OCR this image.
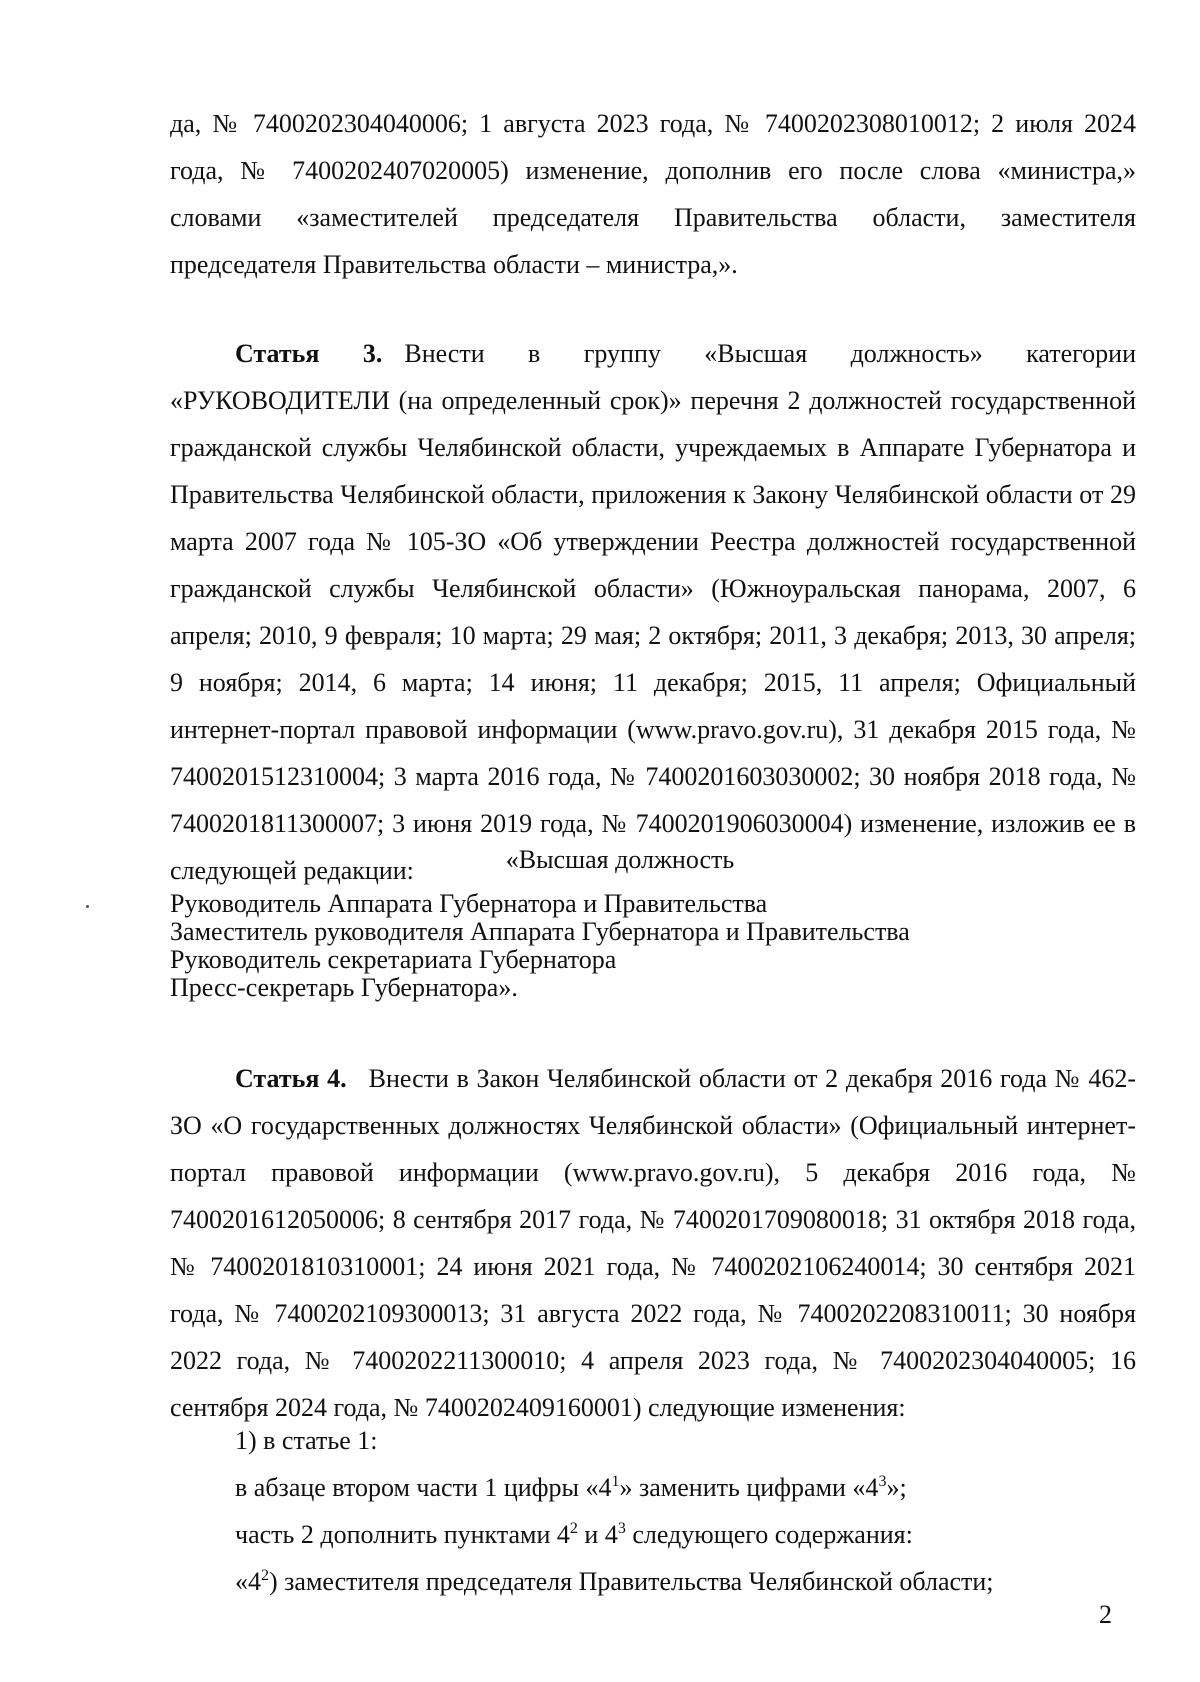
да, № 7400202304040006; 1 августа 2023 года, № 7400202308010012; 2 июля 2024 года, № 7400202407020005) изменение, дополнив его после слова «министра,» словами «заместителей председателя Правительства области, заместителя председателя Правительства области – министра,».

Статья 3. Внести в группу «Высшая должность» категории «РУКОВОДИТЕЛИ (на определенный срок)» перечня 2 должностей государственной гражданской службы Челябинской области, учреждаемых в Аппарате Губернатора и Правительства Челябинской области, приложения к Закону Челябинской области от 29 марта 2007 года № 105-ЗО «Об утверждении Реестра должностей государственной гражданской службы Челябинской области» (Южноуральская панорама, 2007, 6 апреля; 2010, 9 февраля; 10 марта; 29 мая; 2 октября; 2011, 3 декабря; 2013, 30 апреля; 9 ноября; 2014, 6 марта; 14 июня; 11 декабря; 2015, 11 апреля; Официальный интернет-портал правовой информации (www.pravo.gov.ru), 31 декабря 2015 года, № 7400201512310004; 3 марта 2016 года, № 7400201603030002; 30 ноября 2018 года, № 7400201811300007; 3 июня 2019 года, № 7400201906030004) изменение, изложив ее в следующей редакции:	«Высшая должность
Руководитель Аппарата Губернатора и Правительства
Заместитель руководителя Аппарата Губернатора и Правительства
Руководитель секретариата Губернатора
Пресс-секретарь Губернатора».

Статья 4. Внести в Закон Челябинской области от 2 декабря 2016 года № 462-ЗО «О государственных должностях Челябинской области» (Официальный интернет-портал правовой информации (www.pravo.gov.ru), 5 декабря 2016 года, № 7400201612050006; 8 сентября 2017 года, № 7400201709080018; 31 октября 2018 года, № 7400201810310001; 24 июня 2021 года, № 7400202106240014; 30 сентября 2021 года, № 7400202109300013; 31 августа 2022 года, № 7400202208310011; 30 ноября 2022 года, № 7400202211300010; 4 апреля 2023 года, № 7400202304040005; 16 сентября 2024 года, № 7400202409160001) следующие изменения:

1) в статье 1:
в абзаце втором части 1 цифры «$4^1$» заменить цифрами «$4^3$»;
часть 2 дополнить пунктами $4^2$ и $4^3$ следующего содержания:
«$4^2$) заместителя председателя Правительства Челябинской области;
2
